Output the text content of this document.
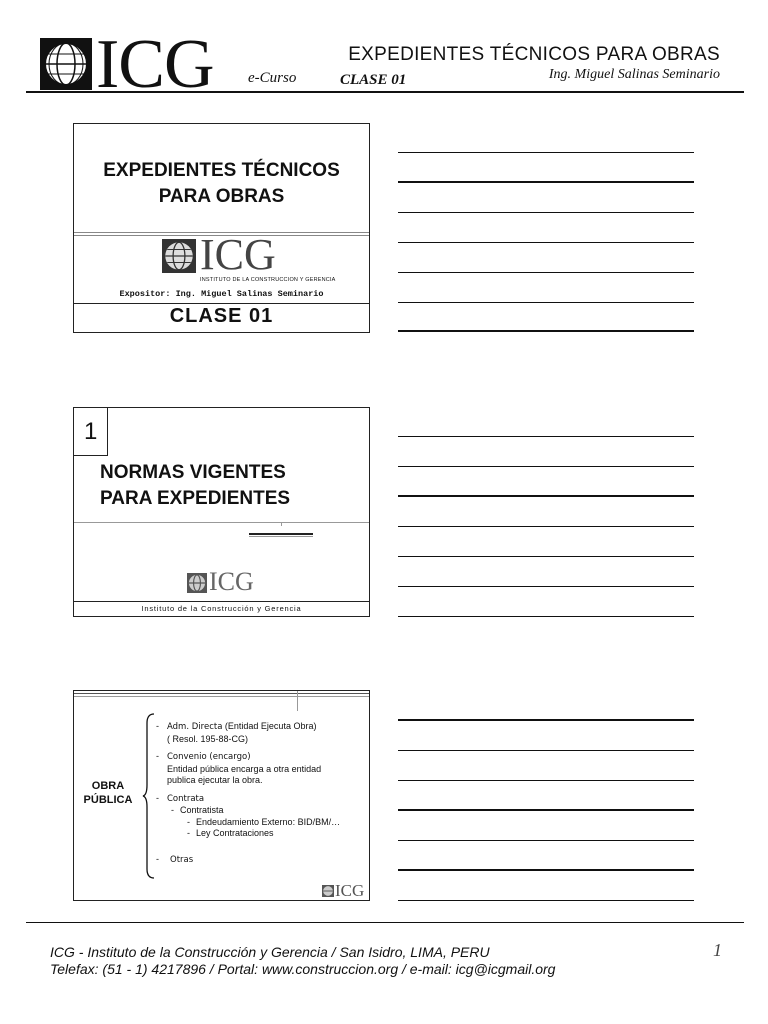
ICG e-Curso	CLASE 01
EXPEDIENTES TÉCNICOS PARA OBRAS
Ing. Miguel Salinas Seminario
EXPEDIENTES TÉCNICOS
PARA OBRAS
ICG
INSTITUTO DE LA CONSTRUCCION Y GERENCIA
Expositor: Ing. Miguel Salinas Seminario
CLASE 01
1
NORMAS VIGENTES
PARA EXPEDIENTES
ICG
Instituto de la Construcción y Gerencia
OBRA
PÚBLICA
- Adm. Directa (Entidad Ejecuta Obra)
( Resol. 195-88-CG)
- Convenio (encargo)
Entidad pública encarga a otra entidad
publica ejecutar la obra.
- Contrata
- Contratista
- Endeudamiento Externo: BID/BM/…
- Ley Contrataciones
- Otras
ICG
ICG - Instituto de la Construcción y Gerencia / San Isidro, LIMA, PERU
Telefax: (51 - 1) 4217896 / Portal: www.construccion.org / e-mail: icg@icgmail.org
1
